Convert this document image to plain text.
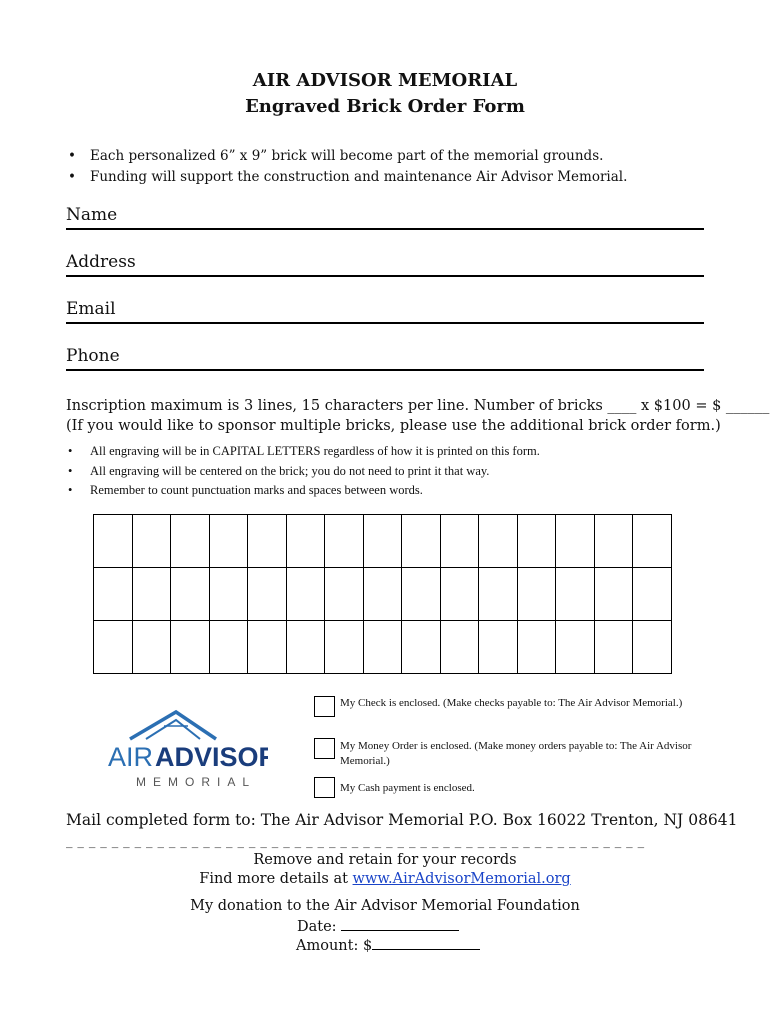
AIR ADVISOR MEMORIAL
Engraved Brick Order Form
• Each personalized 6” x 9” brick will become part of the memorial grounds.
• Funding will support the construction and maintenance Air Advisor Memorial.
Name
Address
Email
Phone
Inscription maximum is 3 lines, 15 characters per line. Number of bricks ____ x $100 = $ ______
(If you would like to sponsor multiple bricks, please use the additional brick order form.)
• All engraving will be in CAPITAL LETTERS regardless of how it is printed on this form.
• All engraving will be centered on the brick; you do not need to print it that way.
• Remember to count punctuation marks and spaces between words.

AIR ADVISOR
MEMORIAL
My Check is enclosed. (Make checks payable to: The Air Advisor Memorial.)
My Money Order is enclosed. (Make money orders payable to: The Air Advisor Memorial.)
My Cash payment is enclosed.
Mail completed form to: The Air Advisor Memorial P.O. Box 16022 Trenton, NJ 08641
_ _ _ _ _ _ _ _ _ _ _ _ _ _ _ _ _ _ _ _ _ _ _ _ _ _ _ _ _ _ _ _ _ _ _ _ _ _ _ _ _ _ _ _ _ _ _ _ _ _ _
Remove and retain for your records
Find more details at www.AirAdvisorMemorial.org
My donation to the Air Advisor Memorial Foundation
Date:
Amount: $
